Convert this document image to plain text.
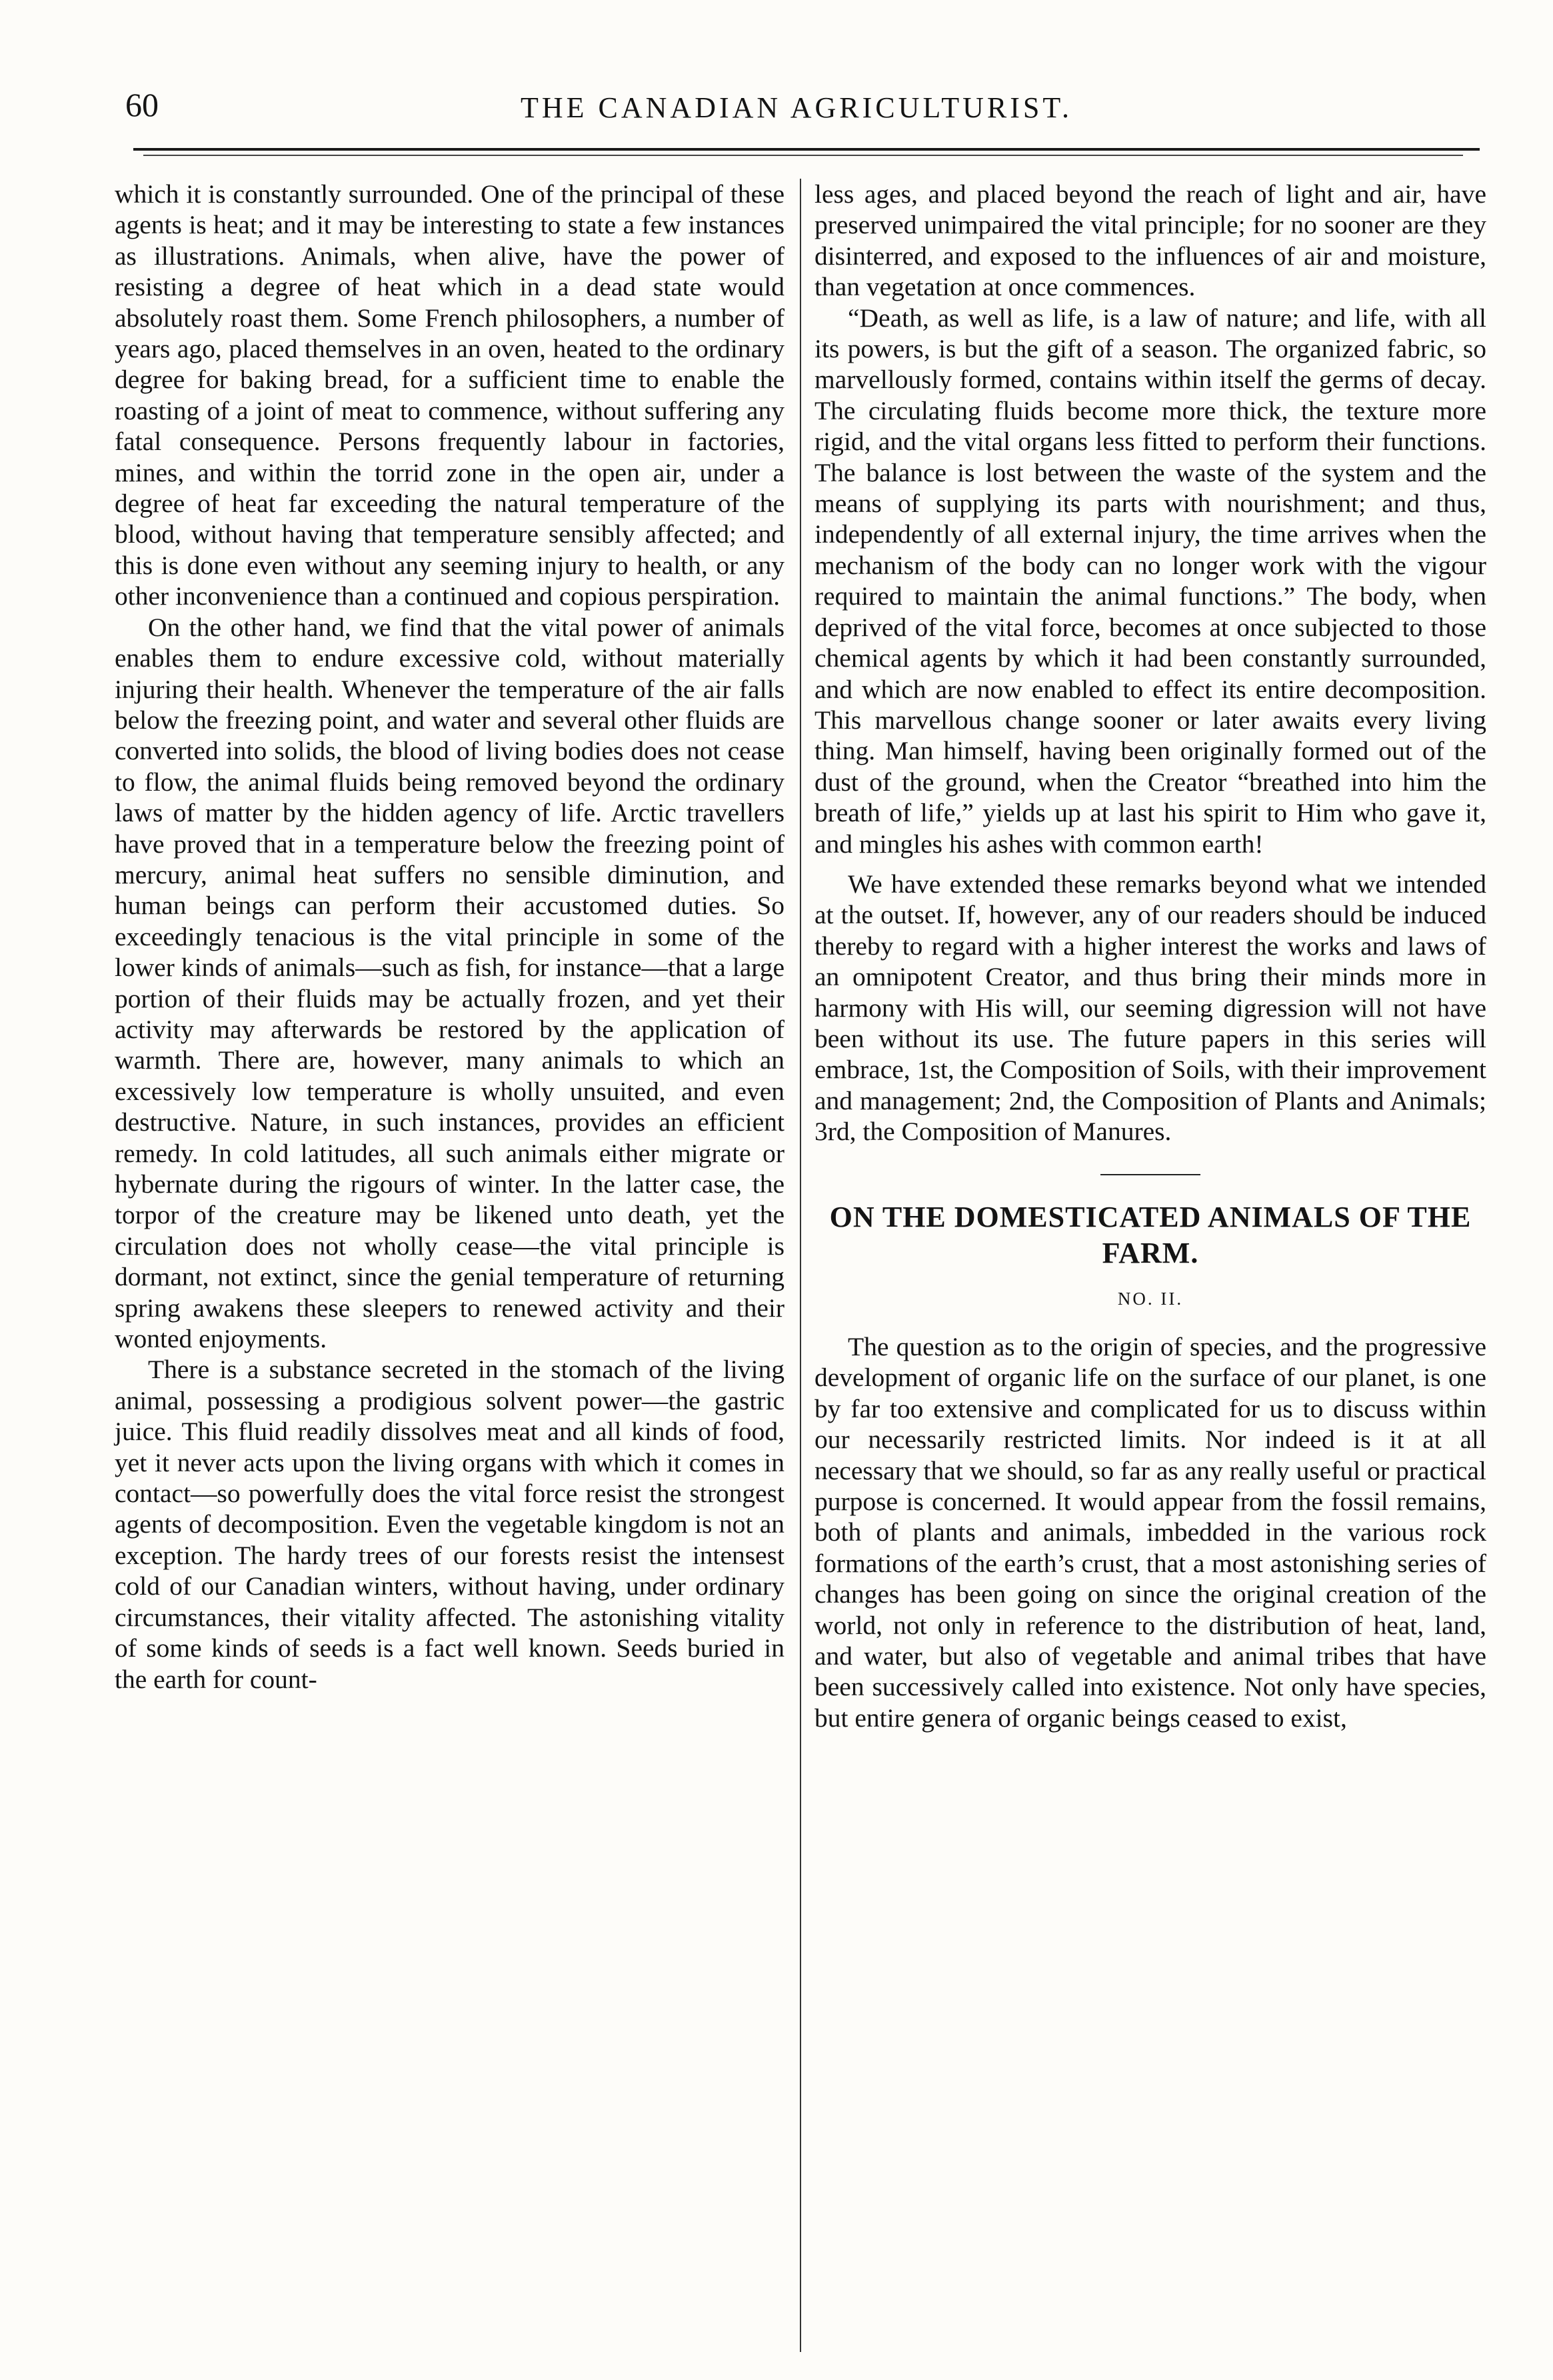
60	THE CANADIAN AGRICULTURIST.

which it is constantly surrounded. One of the principal of these agents is heat; and it may be interesting to state a few instances as illustrations. Animals, when alive, have the power of resisting a degree of heat which in a dead state would absolutely roast them. Some French philosophers, a number of years ago, placed themselves in an oven, heated to the ordinary degree for baking bread, for a sufficient time to enable the roasting of a joint of meat to commence, without suffering any fatal consequence. Persons frequently labour in factories, mines, and within the torrid zone in the open air, under a degree of heat far exceeding the natural temperature of the blood, without having that temperature sensibly affected; and this is done even without any seeming injury to health, or any other inconvenience than a continued and copious perspiration.

On the other hand, we find that the vital power of animals enables them to endure excessive cold, without materially injuring their health. Whenever the temperature of the air falls below the freezing point, and water and several other fluids are converted into solids, the blood of living bodies does not cease to flow, the animal fluids being removed beyond the ordinary laws of matter by the hidden agency of life. Arctic travellers have proved that in a temperature below the freezing point of mercury, animal heat suffers no sensible diminution, and human beings can perform their accustomed duties. So exceedingly tenacious is the vital principle in some of the lower kinds of animals—such as fish, for instance—that a large portion of their fluids may be actually frozen, and yet their activity may afterwards be restored by the application of warmth. There are, however, many animals to which an excessively low temperature is wholly unsuited, and even destructive. Nature, in such instances, provides an efficient remedy. In cold latitudes, all such animals either migrate or hybernate during the rigours of winter. In the latter case, the torpor of the creature may be likened unto death, yet the circulation does not wholly cease—the vital principle is dormant, not extinct, since the genial temperature of returning spring awakens these sleepers to renewed activity and their wonted enjoyments.

There is a substance secreted in the stomach of the living animal, possessing a prodigious solvent power—the gastric juice. This fluid readily dissolves meat and all kinds of food, yet it never acts upon the living organs with which it comes in contact—so powerfully does the vital force resist the strongest agents of decomposition. Even the vegetable kingdom is not an exception. The hardy trees of our forests resist the intensest cold of our Canadian winters, without having, under ordinary circumstances, their vitality affected. The astonishing vitality of some kinds of seeds is a fact well known. Seeds buried in the earth for count-

less ages, and placed beyond the reach of light and air, have preserved unimpaired the vital principle; for no sooner are they disinterred, and exposed to the influences of air and moisture, than vegetation at once commences.

“Death, as well as life, is a law of nature; and life, with all its powers, is but the gift of a season. The organized fabric, so marvellously formed, contains within itself the germs of decay. The circulating fluids become more thick, the texture more rigid, and the vital organs less fitted to perform their functions. The balance is lost between the waste of the system and the means of supplying its parts with nourishment; and thus, independently of all external injury, the time arrives when the mechanism of the body can no longer work with the vigour required to maintain the animal functions.” The body, when deprived of the vital force, becomes at once subjected to those chemical agents by which it had been constantly surrounded, and which are now enabled to effect its entire decomposition. This marvellous change sooner or later awaits every living thing. Man himself, having been originally formed out of the dust of the ground, when the Creator “breathed into him the breath of life,” yields up at last his spirit to Him who gave it, and mingles his ashes with common earth!

We have extended these remarks beyond what we intended at the outset. If, however, any of our readers should be induced thereby to regard with a higher interest the works and laws of an omnipotent Creator, and thus bring their minds more in harmony with His will, our seeming digression will not have been without its use. The future papers in this series will embrace, 1st, the Composition of Soils, with their improvement and management; 2nd, the Composition of Plants and Animals; 3rd, the Composition of Manures.

ON THE DOMESTICATED ANIMALS OF THE FARM.
NO. II.

The question as to the origin of species, and the progressive development of organic life on the surface of our planet, is one by far too extensive and complicated for us to discuss within our necessarily restricted limits. Nor indeed is it at all necessary that we should, so far as any really useful or practical purpose is concerned. It would appear from the fossil remains, both of plants and animals, imbedded in the various rock formations of the earth’s crust, that a most astonishing series of changes has been going on since the original creation of the world, not only in reference to the distribution of heat, land, and water, but also of vegetable and animal tribes that have been successively called into existence. Not only have species, but entire genera of organic beings ceased to exist,
